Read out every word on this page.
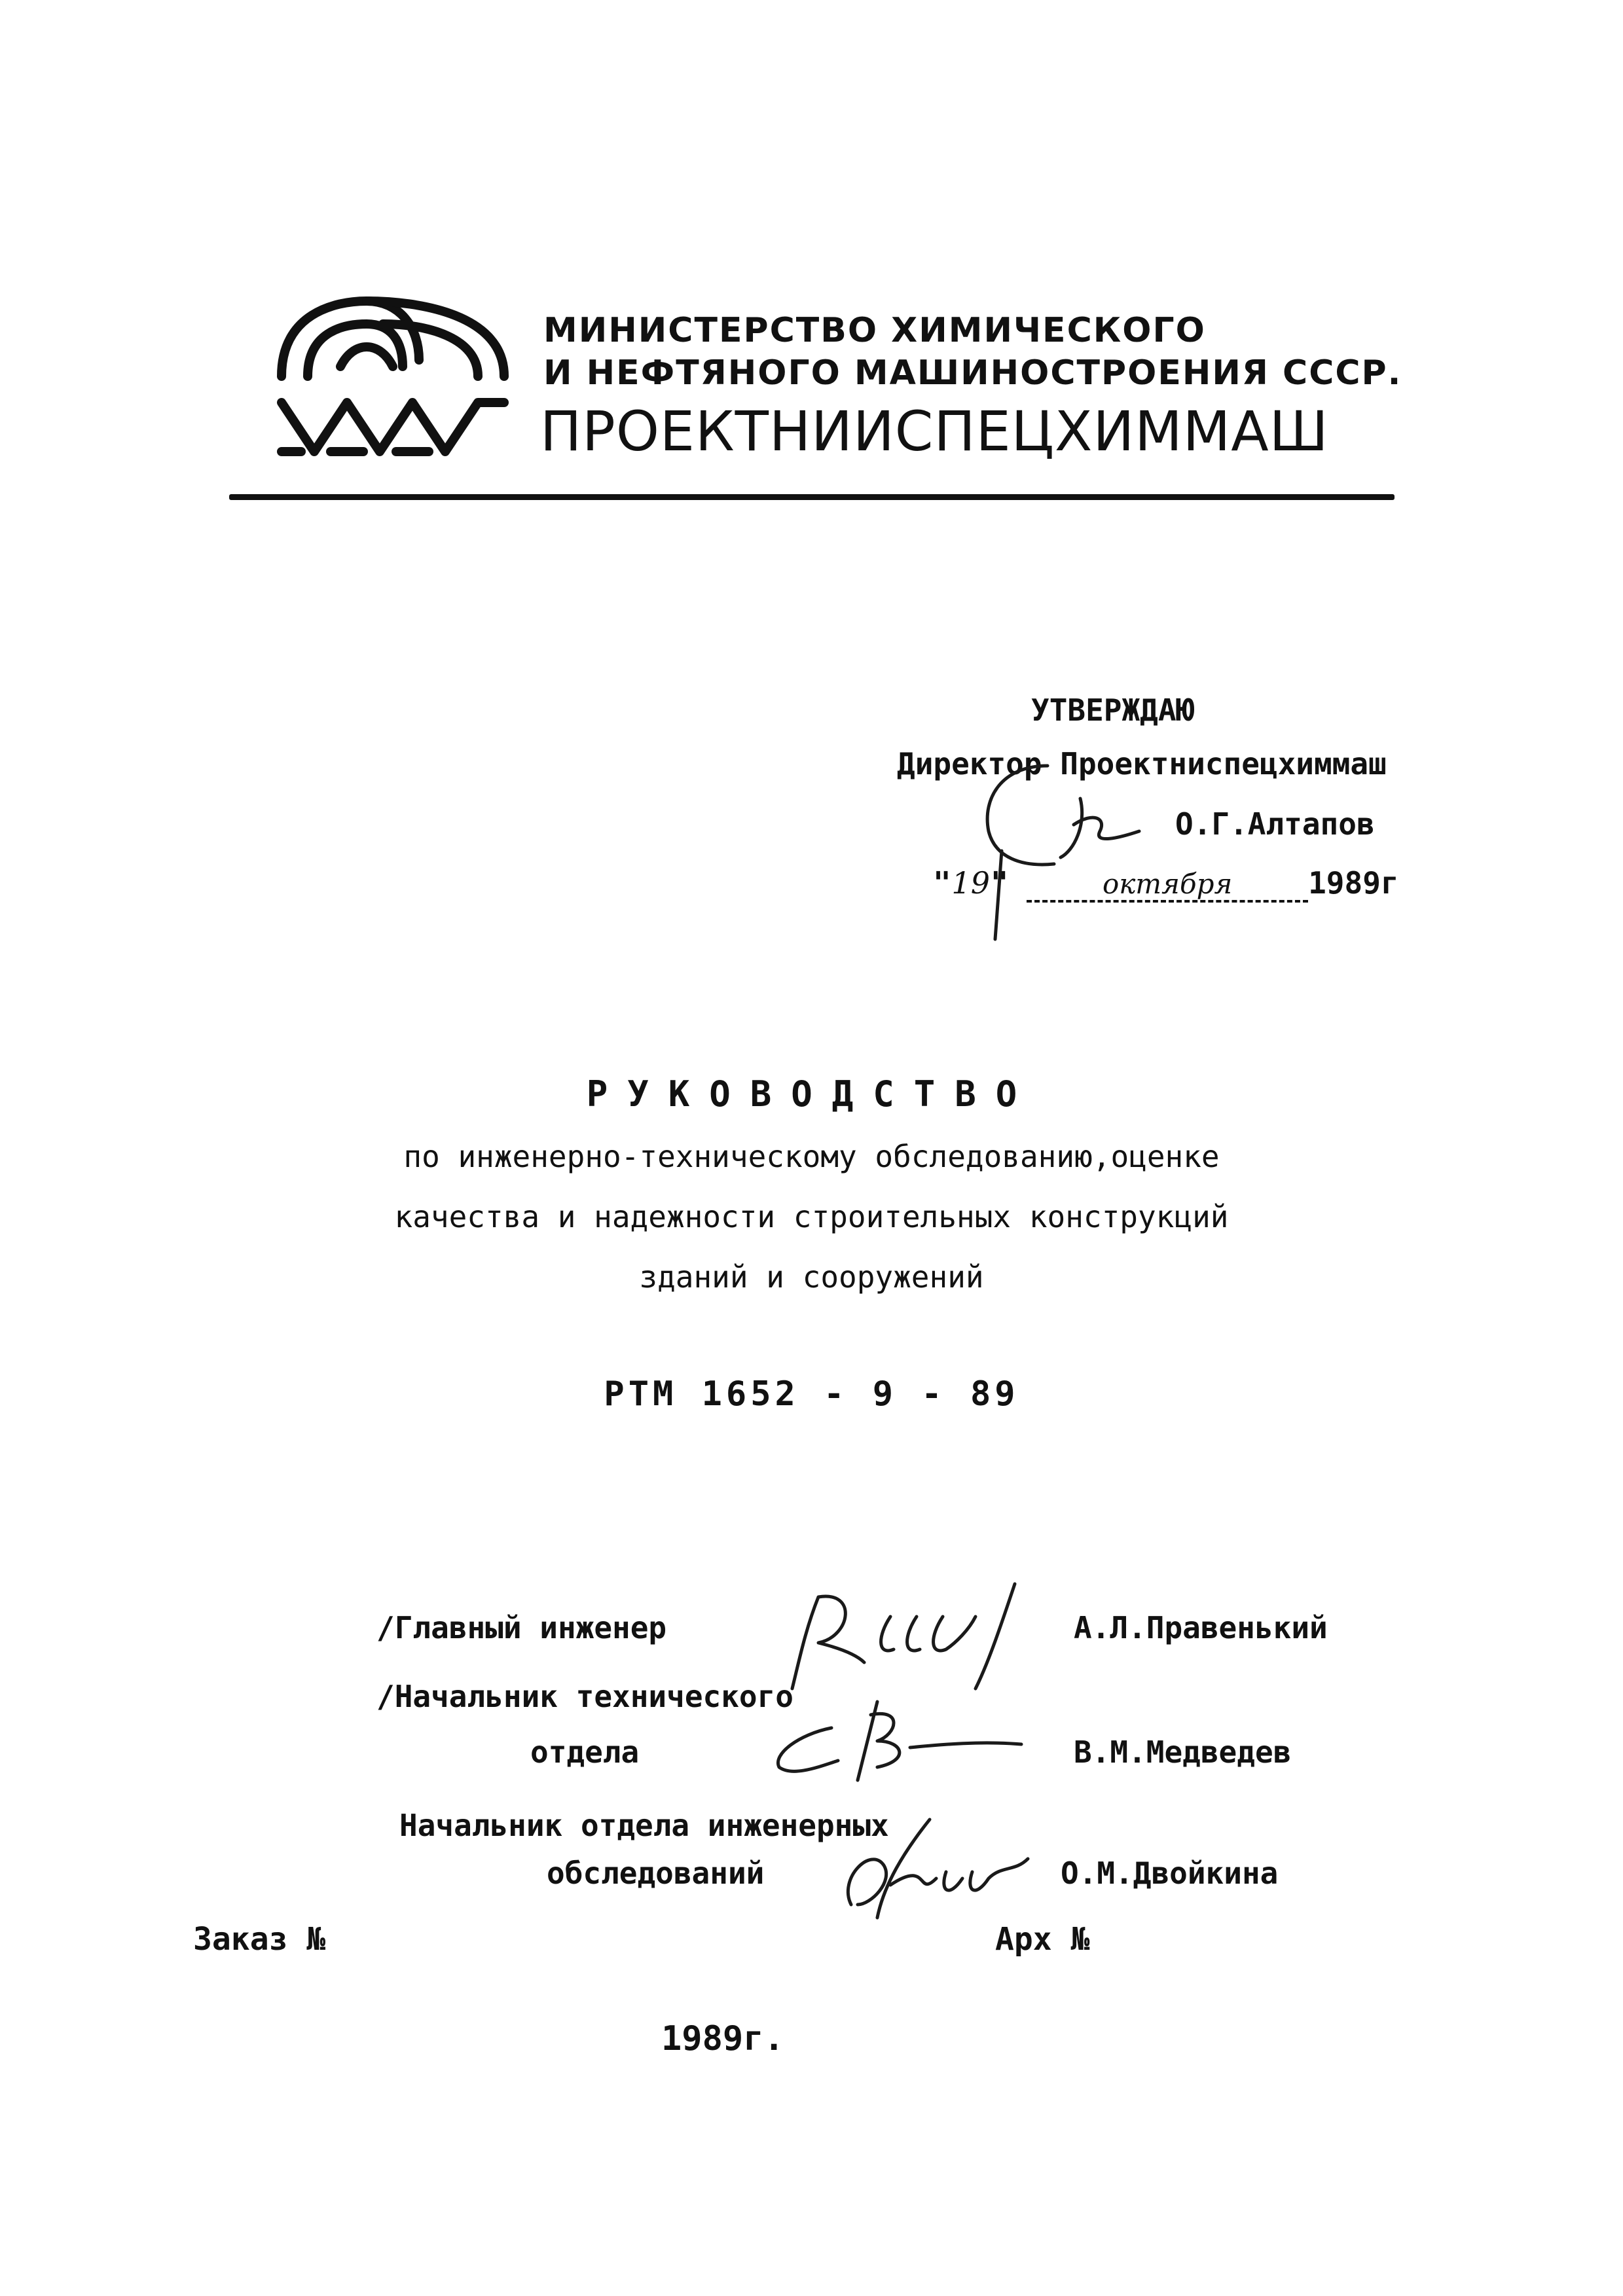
МИНИСТЕРСТВО ХИМИЧЕСКОГО
И НЕФТЯНОГО МАШИНОСТРОЕНИЯ СССР.
ПРОЕКТНИИСПЕЦХИММАШ
УТВЕРЖДАЮ
Директор Проектниспецхиммаш
О.Г.Алтапов
"19"	октября	1989г
РУКОВОДСТВО
по инженерно-техническому обследованию,оценке
качества и надежности строительных конструкций
зданий и сооружений
РТМ 1652 - 9 - 89
/Главный инженер	А.Л.Правенький
/Начальник технического
отдела	В.М.Медведев
Начальник отдела инженерных
обследований	О.М.Двойкина
Заказ №	Арх №
1989г.
